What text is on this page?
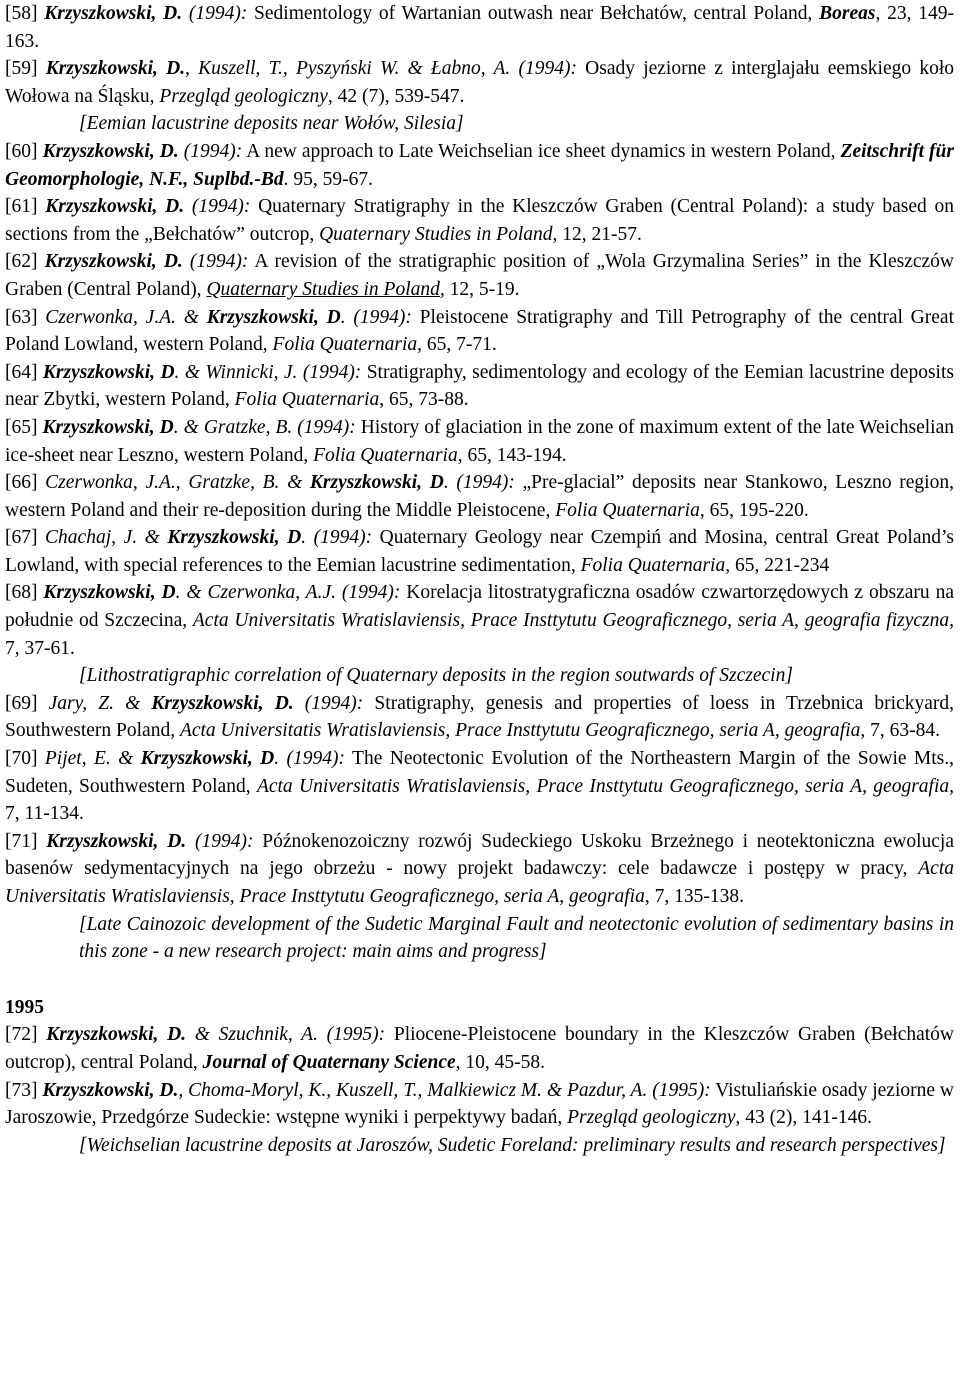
[58] Krzyszkowski, D. (1994): Sedimentology of Wartanian outwash near Bełchatów, central Poland, Boreas, 23, 149-163.

[59] Krzyszkowski, D., Kuszell, T., Pyszyński W. & Łabno, A. (1994): Osady jeziorne z interglajału eemskiego koło Wołowa na Śląsku, Przegląd geologiczny, 42 (7), 539-547.

[Eemian lacustrine deposits near Wołów, Silesia]

[60] Krzyszkowski, D. (1994): A new approach to Late Weichselian ice sheet dynamics in western Poland, Zeitschrift für Geomorphologie, N.F., Suplbd.-Bd. 95, 59-67.

[61] Krzyszkowski, D. (1994): Quaternary Stratigraphy in the Kleszczów Graben (Central Poland): a study based on sections from the „Bełchatów” outcrop, Quaternary Studies in Poland, 12, 21-57.

[62] Krzyszkowski, D. (1994): A revision of the stratigraphic position of „Wola Grzymalina Series” in the Kleszczów Graben (Central Poland), Quaternary Studies in Poland, 12, 5-19.

[63] Czerwonka, J.A. & Krzyszkowski, D. (1994): Pleistocene Stratigraphy and Till Petrography of the central Great Poland Lowland, western Poland, Folia Quaternaria, 65, 7-71.

[64] Krzyszkowski, D. & Winnicki, J. (1994): Stratigraphy, sedimentology and ecology of the Eemian lacustrine deposits near Zbytki, western Poland, Folia Quaternaria, 65, 73-88.

[65] Krzyszkowski, D. & Gratzke, B. (1994): History of glaciation in the zone of maximum extent of the late Weichselian ice-sheet near Leszno, western Poland, Folia Quaternaria, 65, 143-194.

[66] Czerwonka, J.A., Gratzke, B. & Krzyszkowski, D. (1994): „Pre-glacial” deposits near Stankowo, Leszno region, western Poland and their re-deposition during the Middle Pleistocene, Folia Quaternaria, 65, 195-220.

[67] Chachaj, J. & Krzyszkowski, D. (1994): Quaternary Geology near Czempiń and Mosina, central Great Poland’s Lowland, with special references to the Eemian lacustrine sedimentation, Folia Quaternaria, 65, 221-234

[68] Krzyszkowski, D. & Czerwonka, A.J. (1994): Korelacja litostratygraficzna osadów czwartorzędowych z obszaru na południe od Szczecina, Acta Universitatis Wratislaviensis, Prace Insttytutu Geograficznego, seria A, geografia fizyczna, 7, 37-61.

[Lithostratigraphic correlation of Quaternary deposits in the region soutwards of Szczecin]

[69] Jary, Z. & Krzyszkowski, D. (1994): Stratigraphy, genesis and properties of loess in Trzebnica brickyard, Southwestern Poland, Acta Universitatis Wratislaviensis, Prace Insttytutu Geograficznego, seria A, geografia, 7, 63-84.

[70] Pijet, E. & Krzyszkowski, D. (1994): The Neotectonic Evolution of the Northeastern Margin of the Sowie Mts., Sudeten, Southwestern Poland, Acta Universitatis Wratislaviensis, Prace Insttytutu Geograficznego, seria A, geografia, 7, 11-134.

[71] Krzyszkowski, D. (1994): Późnokenozoiczny rozwój Sudeckiego Uskoku Brzeżnego i neotektoniczna ewolucja basenów sedymentacyjnych na jego obrzeżu - nowy projekt badawczy: cele badawcze i postępy w pracy, Acta Universitatis Wratislaviensis, Prace Insttytutu Geograficznego, seria A, geografia, 7, 135-138.

[Late Cainozoic development of the Sudetic Marginal Fault and neotectonic evolution of sedimentary basins in this zone - a new research project: main aims and progress]

1995

[72] Krzyszkowski, D. & Szuchnik, A. (1995): Pliocene-Pleistocene boundary in the Kleszczów Graben (Bełchatów outcrop), central Poland, Journal of Quaternany Science, 10, 45-58.

[73] Krzyszkowski, D., Choma-Moryl, K., Kuszell, T., Malkiewicz M. & Pazdur, A. (1995): Vistuliańskie osady jeziorne w Jaroszowie, Przedgórze Sudeckie: wstępne wyniki i perpektywy badań, Przegląd geologiczny, 43 (2), 141-146.

[Weichselian lacustrine deposits at Jaroszów, Sudetic Foreland: preliminary results and research perspectives]
